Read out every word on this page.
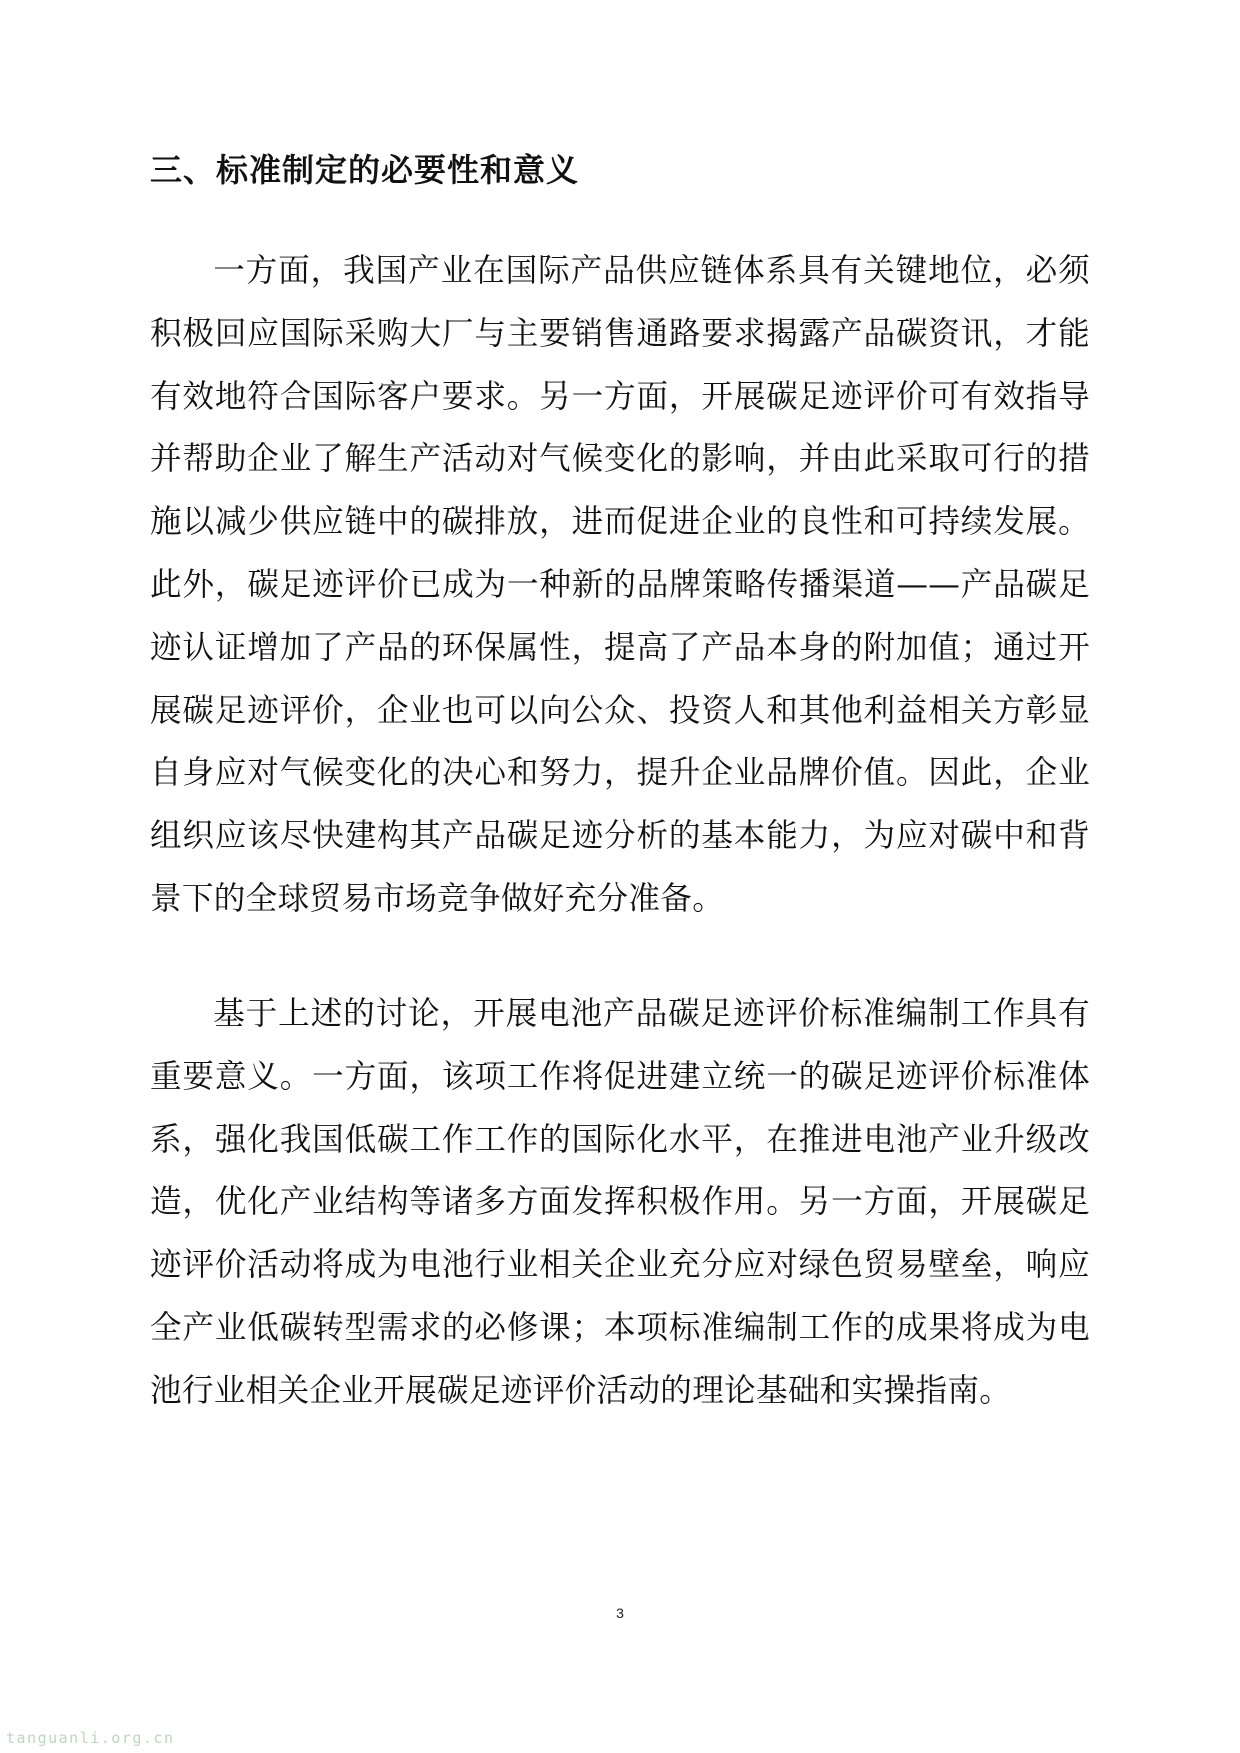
三、标准制定的必要性和意义

一方面，我国产业在国际产品供应链体系具有关键地位，必须积极回应国际采购大厂与主要销售通路要求揭露产品碳资讯，才能有效地符合国际客户要求。另一方面，开展碳足迹评价可有效指导并帮助企业了解生产活动对气候变化的影响，并由此采取可行的措施以减少供应链中的碳排放，进而促进企业的良性和可持续发展。此外，碳足迹评价已成为一种新的品牌策略传播渠道——产品碳足迹认证增加了产品的环保属性，提高了产品本身的附加值；通过开展碳足迹评价，企业也可以向公众、投资人和其他利益相关方彰显自身应对气候变化的决心和努力，提升企业品牌价值。因此，企业组织应该尽快建构其产品碳足迹分析的基本能力，为应对碳中和背景下的全球贸易市场竞争做好充分准备。

基于上述的讨论，开展电池产品碳足迹评价标准编制工作具有重要意义。一方面，该项工作将促进建立统一的碳足迹评价标准体系，强化我国低碳工作工作的国际化水平，在推进电池产业升级改造，优化产业结构等诸多方面发挥积极作用。另一方面，开展碳足迹评价活动将成为电池行业相关企业充分应对绿色贸易壁垒，响应全产业低碳转型需求的必修课；本项标准编制工作的成果将成为电池行业相关企业开展碳足迹评价活动的理论基础和实操指南。

3
tanguanli.org.cn
